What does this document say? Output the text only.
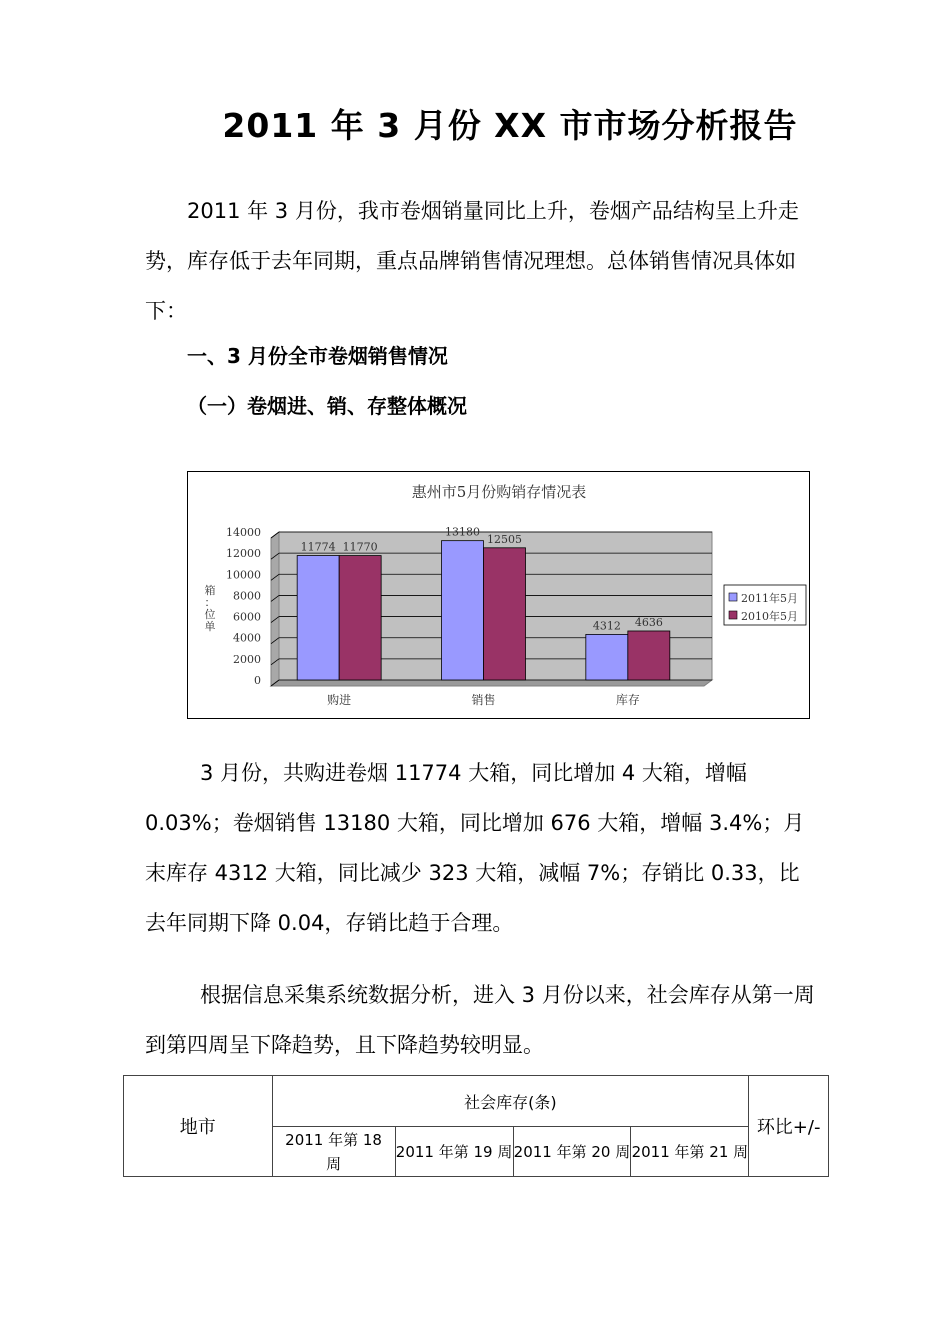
2011 年 3 月份 XX 市市场分析报告

2011 年 3 月份，我市卷烟销量同比上升，卷烟产品结构呈上升走势，库存低于去年同期，重点品牌销售情况理想。总体销售情况具体如下：

一、3 月份全市卷烟销售情况

（一）卷烟进、销、存整体概况

惠州市5月份购销存情况表
0
2000
4000
6000
8000
10000
12000
14000
箱
：
位
单
11774 11770
购进
13180
12505
销售
4312 4636
库存
2011年5月
2010年5月

3 月份，共购进卷烟 11774 大箱，同比增加 4 大箱，增幅 0.03%；卷烟销售 13180 大箱，同比增加 676 大箱，增幅 3.4%；月末库存 4312 大箱，同比减少 323 大箱，减幅 7%；存销比 0.33，比去年同期下降 0.04，存销比趋于合理。

根据信息采集系统数据分析，进入 3 月份以来，社会库存从第一周到第四周呈下降趋势，且下降趋势较明显。

地市	社会库存(条)				环比+/-
	2011 年第 18 周	2011 年第 19 周	2011 年第 20 周	2011 年第 21 周	
